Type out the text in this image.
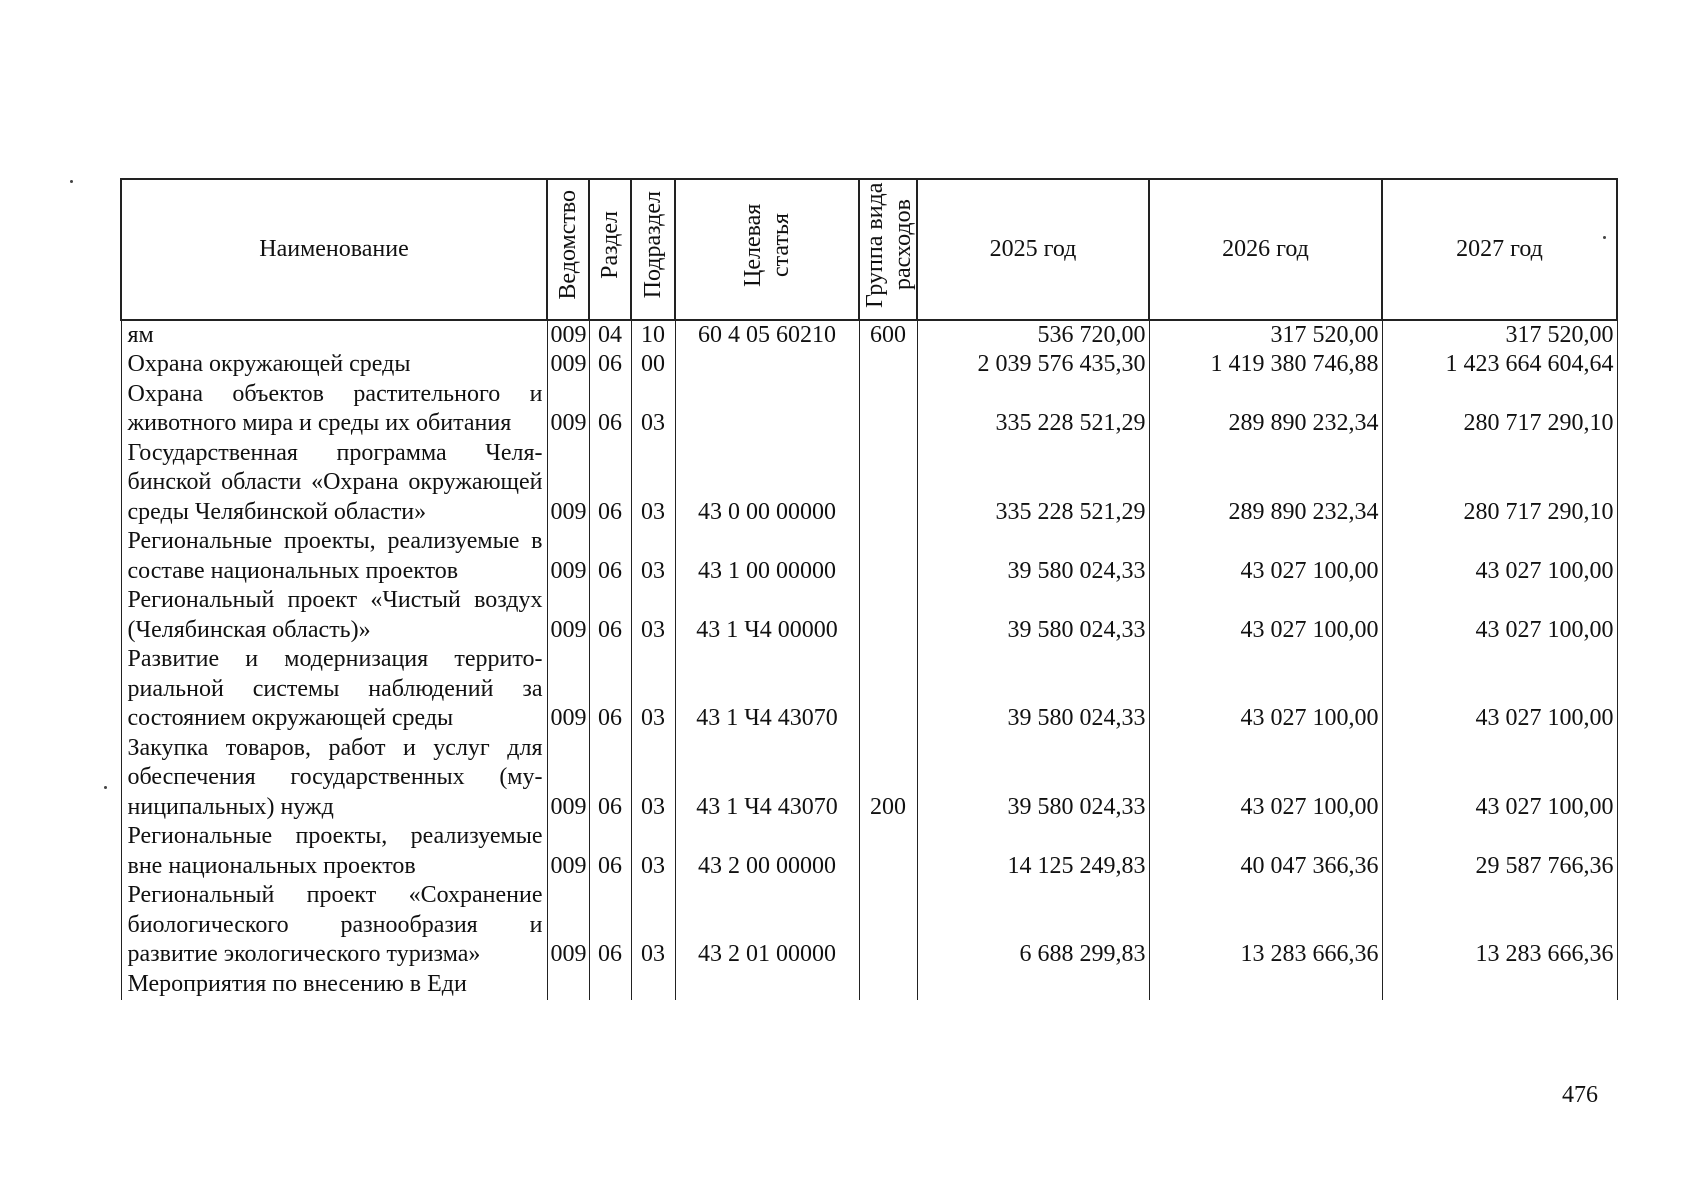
Наименование	Ведомство	Раздел	Подраздел	Целевая статья	Группа вида расходов	2025 год	2026 год	2027 год
ям	009	04	10	60 4 05 60210	600	536 720,00	317 520,00	317 520,00
Охрана окружающей среды	009	06	00			2 039 576 435,30	1 419 380 746,88	1 423 664 604,64
Охрана объектов растительного и животного мира и среды их обитания	009	06	03			335 228 521,29	289 890 232,34	280 717 290,10
Государственная программа Челябинской области «Охрана окружающей среды Челябинской области»	009	06	03	43 0 00 00000		335 228 521,29	289 890 232,34	280 717 290,10
Региональные проекты, реализуемые в составе национальных проектов	009	06	03	43 1 00 00000		39 580 024,33	43 027 100,00	43 027 100,00
Региональный проект «Чистый воздух (Челябинская область)»	009	06	03	43 1 Ч4 00000		39 580 024,33	43 027 100,00	43 027 100,00
Развитие и модернизация территориальной системы наблюдений за состоянием окружающей среды	009	06	03	43 1 Ч4 43070		39 580 024,33	43 027 100,00	43 027 100,00
Закупка товаров, работ и услуг для обеспечения государственных (муниципальных) нужд	009	06	03	43 1 Ч4 43070	200	39 580 024,33	43 027 100,00	43 027 100,00
Региональные проекты, реализуемые вне национальных проектов	009	06	03	43 2 00 00000		14 125 249,83	40 047 366,36	29 587 766,36
Региональный проект «Сохранение биологического разнообразия и развитие экологического туризма»	009	06	03	43 2 01 00000		6 688 299,83	13 283 666,36	13 283 666,36
Мероприятия по внесению в Еди								
476
